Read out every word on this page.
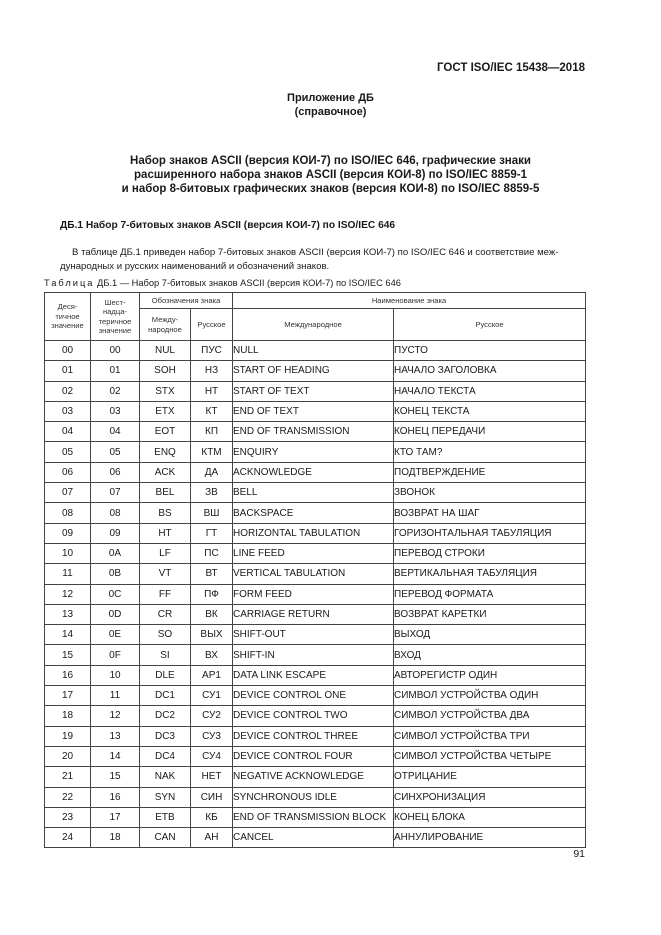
ГОСТ ISO/IEC 15438—2018
Приложение ДБ
(справочное)
Набор знаков ASCII (версия КОИ-7) по ISO/IEC 646, графические знаки
расширенного набора знаков ASCII (версия КОИ-8) по ISO/IEC 8859-1
и набор 8-битовых графических знаков (версия КОИ-8) по ISO/IEC 8859-5
ДБ.1 Набор 7-битовых знаков ASCII (версия КОИ-7) по ISO/IEC 646
В таблице ДБ.1 приведен набор 7-битовых знаков ASCII (версия КОИ-7) по ISO/IEC 646 и соответствие меж-
дународных и русских наименований и обозначений знаков.
Таблица ДБ.1 — Набор 7-битовых знаков ASCII (версия КОИ-7) по ISO/IEC 646
Деся-
тичное
значение	Шест-
надца-
теричное
значение	Обозначения знака		Наименование знака	
		Между-
народное	Русское	Международное	Русское
00	00	NUL	ПУС	NULL	ПУСТО
01	01	SOH	НЗ	START OF HEADING	НАЧАЛО ЗАГОЛОВКА
02	02	STX	НТ	START OF TEXT	НАЧАЛО ТЕКСТА
03	03	ETX	КТ	END OF TEXT	КОНЕЦ ТЕКСТА
04	04	EOT	КП	END OF TRANSMISSION	КОНЕЦ ПЕРЕДАЧИ
05	05	ENQ	КТМ	ENQUIRY	КТО ТАМ?
06	06	ACK	ДА	ACKNOWLEDGE	ПОДТВЕРЖДЕНИЕ
07	07	BEL	ЗВ	BELL	ЗВОНОК
08	08	BS	ВШ	BACKSPACE	ВОЗВРАТ НА ШАГ
09	09	HT	ГТ	HORIZONTAL TABULATION	ГОРИЗОНТАЛЬНАЯ ТАБУЛЯЦИЯ
10	0A	LF	ПС	LINE FEED	ПЕРЕВОД СТРОКИ
11	0B	VT	ВТ	VERTICAL TABULATION	ВЕРТИКАЛЬНАЯ ТАБУЛЯЦИЯ
12	0C	FF	ПФ	FORM FEED	ПЕРЕВОД ФОРМАТА
13	0D	CR	ВК	CARRIAGE RETURN	ВОЗВРАТ КАРЕТКИ
14	0E	SO	ВЫХ	SHIFT-OUT	ВЫХОД
15	0F	SI	ВХ	SHIFT-IN	ВХОД
16	10	DLE	АР1	DATA LINK ESCAPE	АВТОРЕГИСТР ОДИН
17	11	DC1	СУ1	DEVICE CONTROL ONE	СИМВОЛ УСТРОЙСТВА ОДИН
18	12	DC2	СУ2	DEVICE CONTROL TWO	СИМВОЛ УСТРОЙСТВА ДВА
19	13	DC3	СУ3	DEVICE CONTROL THREE	СИМВОЛ УСТРОЙСТВА ТРИ
20	14	DC4	СУ4	DEVICE CONTROL FOUR	СИМВОЛ УСТРОЙСТВА ЧЕТЫРЕ
21	15	NAK	НЕТ	NEGATIVE ACKNOWLEDGE	ОТРИЦАНИЕ
22	16	SYN	СИН	SYNCHRONOUS IDLE	СИНХРОНИЗАЦИЯ
23	17	ETB	КБ	END OF TRANSMISSION BLOCK	КОНЕЦ БЛОКА
24	18	CAN	АН	CANCEL	АННУЛИРОВАНИЕ
91
